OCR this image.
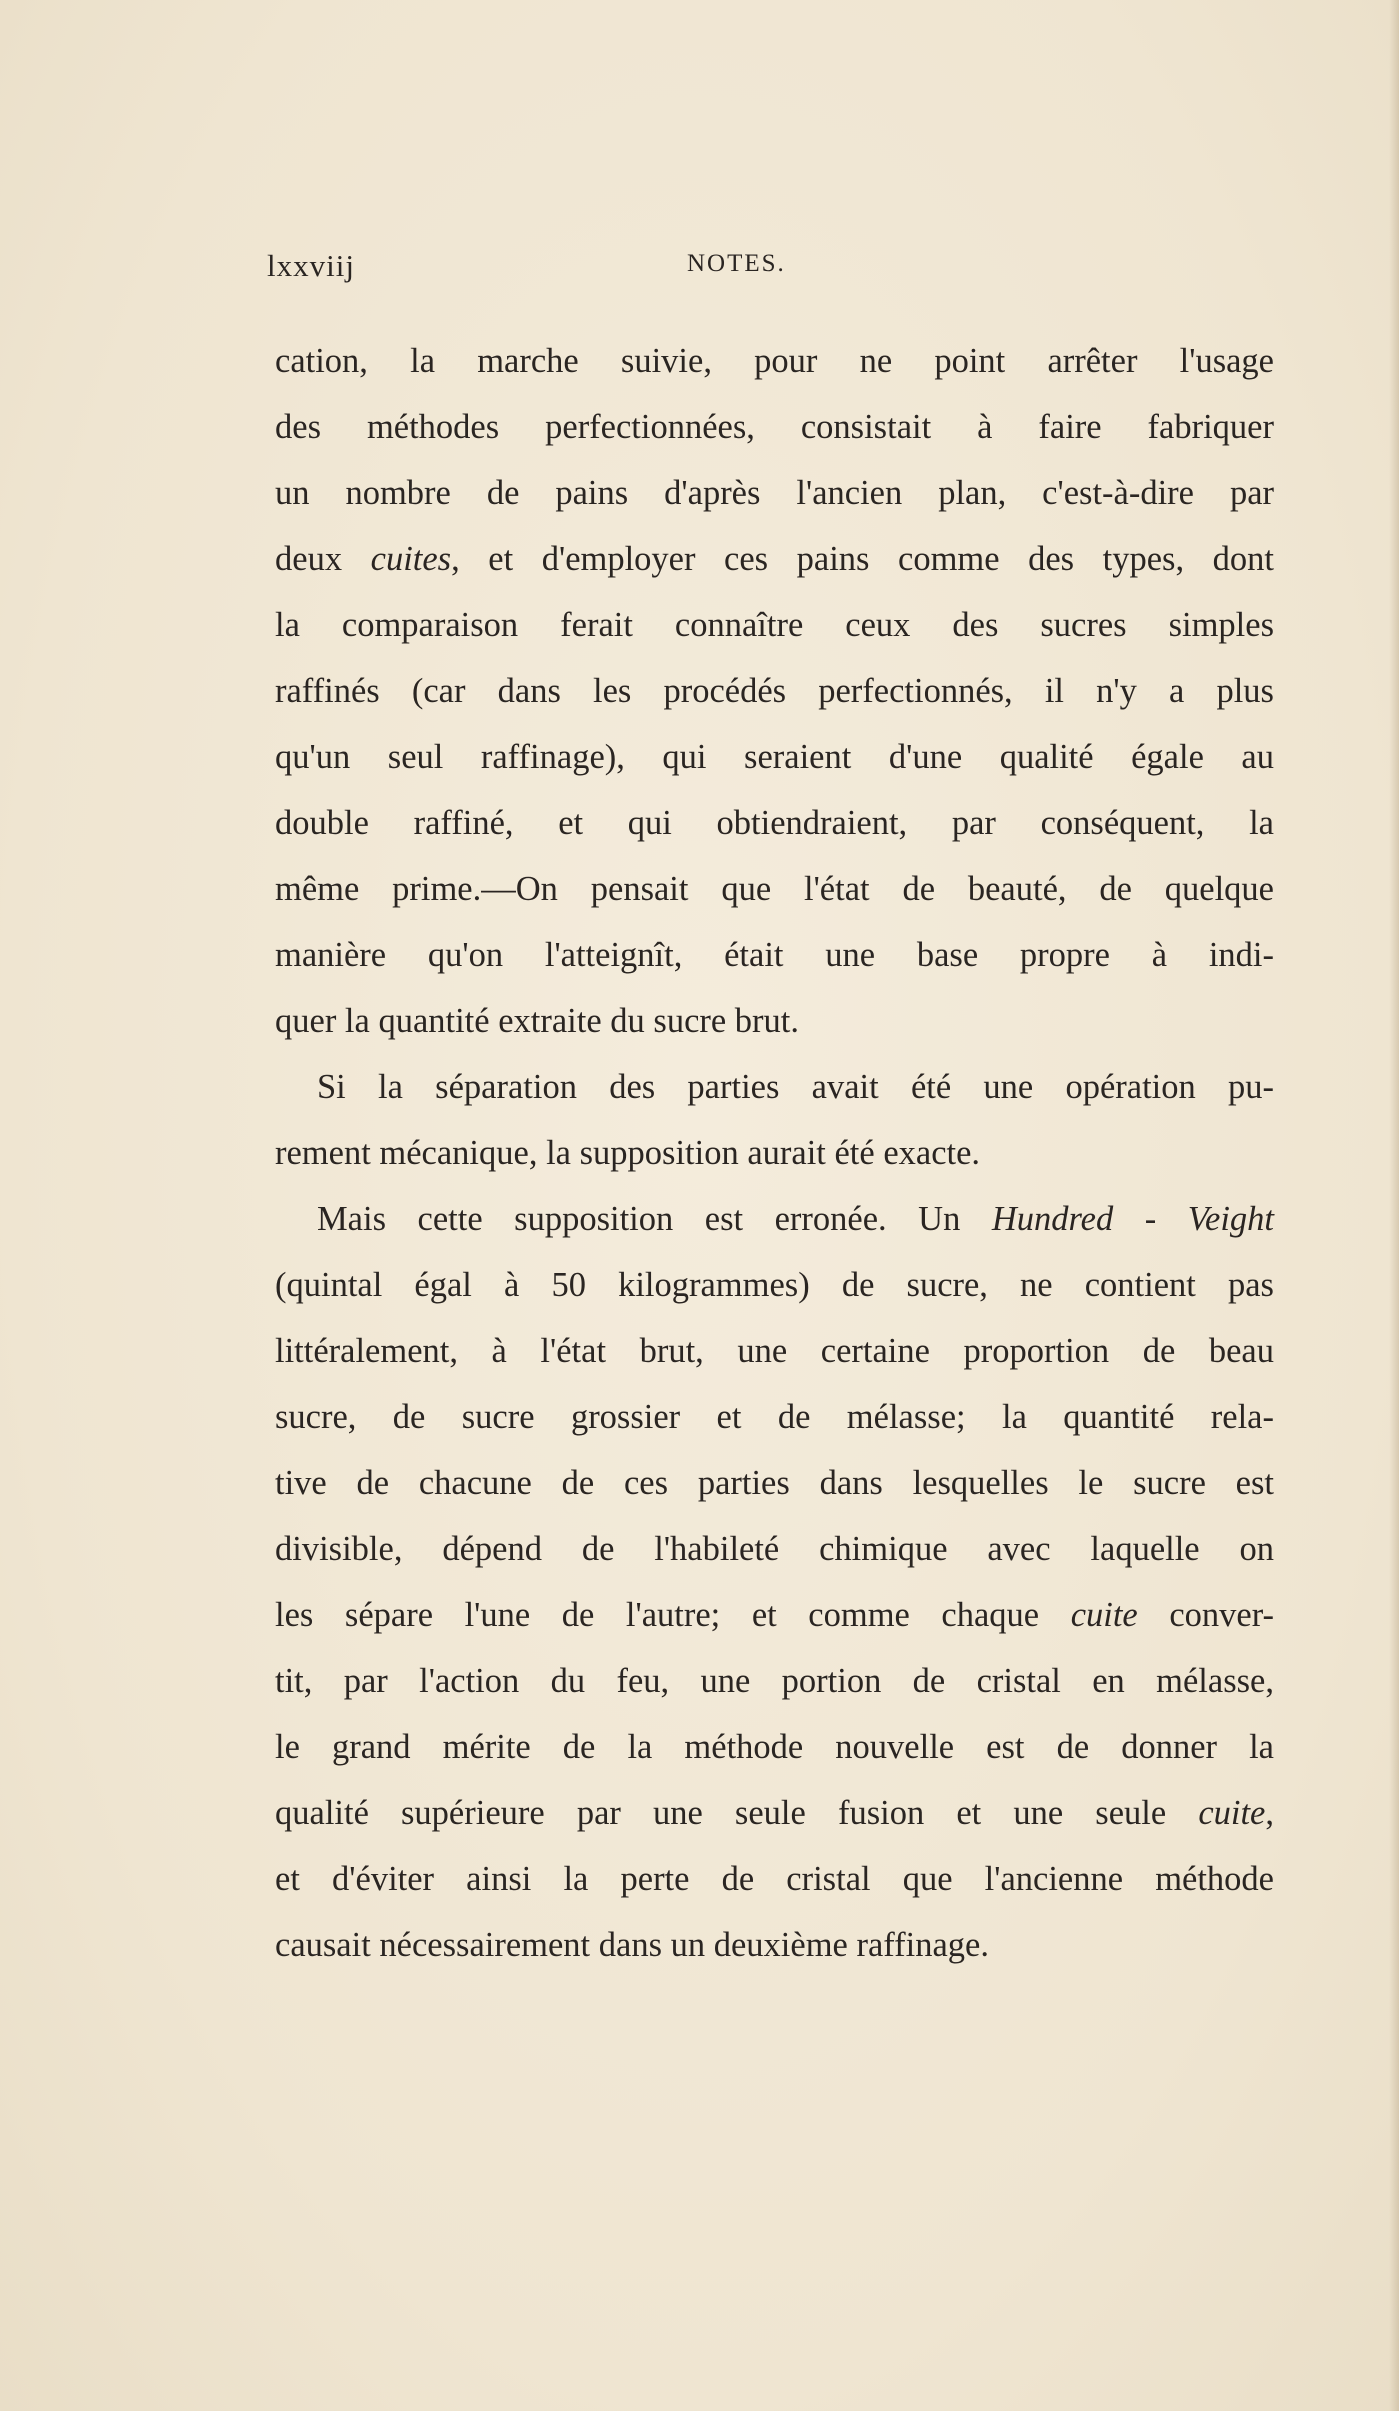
lxxviij	NOTES.
cation, la marche suivie, pour ne point arrêter l'usage
des méthodes perfectionnées, consistait à faire fabriquer
un nombre de pains d'après l'ancien plan, c'est-à-dire par
deux cuites, et d'employer ces pains comme des types, dont
la comparaison ferait connaître ceux des sucres simples
raffinés (car dans les procédés perfectionnés, il n'y a plus
qu'un seul raffinage), qui seraient d'une qualité égale au
double raffiné, et qui obtiendraient, par conséquent, la
même prime.—On pensait que l'état de beauté, de quelque
manière qu'on l'atteignît, était une base propre à indi-
quer la quantité extraite du sucre brut.
Si la séparation des parties avait été une opération pu-
rement mécanique, la supposition aurait été exacte.
Mais cette supposition est erronée. Un Hundred - Veight
(quintal égal à 50 kilogrammes) de sucre, ne contient pas
littéralement, à l'état brut, une certaine proportion de beau
sucre, de sucre grossier et de mélasse; la quantité rela-
tive de chacune de ces parties dans lesquelles le sucre est
divisible, dépend de l'habileté chimique avec laquelle on
les sépare l'une de l'autre; et comme chaque cuite conver-
tit, par l'action du feu, une portion de cristal en mélasse,
le grand mérite de la méthode nouvelle est de donner la
qualité supérieure par une seule fusion et une seule cuite,
et d'éviter ainsi la perte de cristal que l'ancienne méthode
causait nécessairement dans un deuxième raffinage.
